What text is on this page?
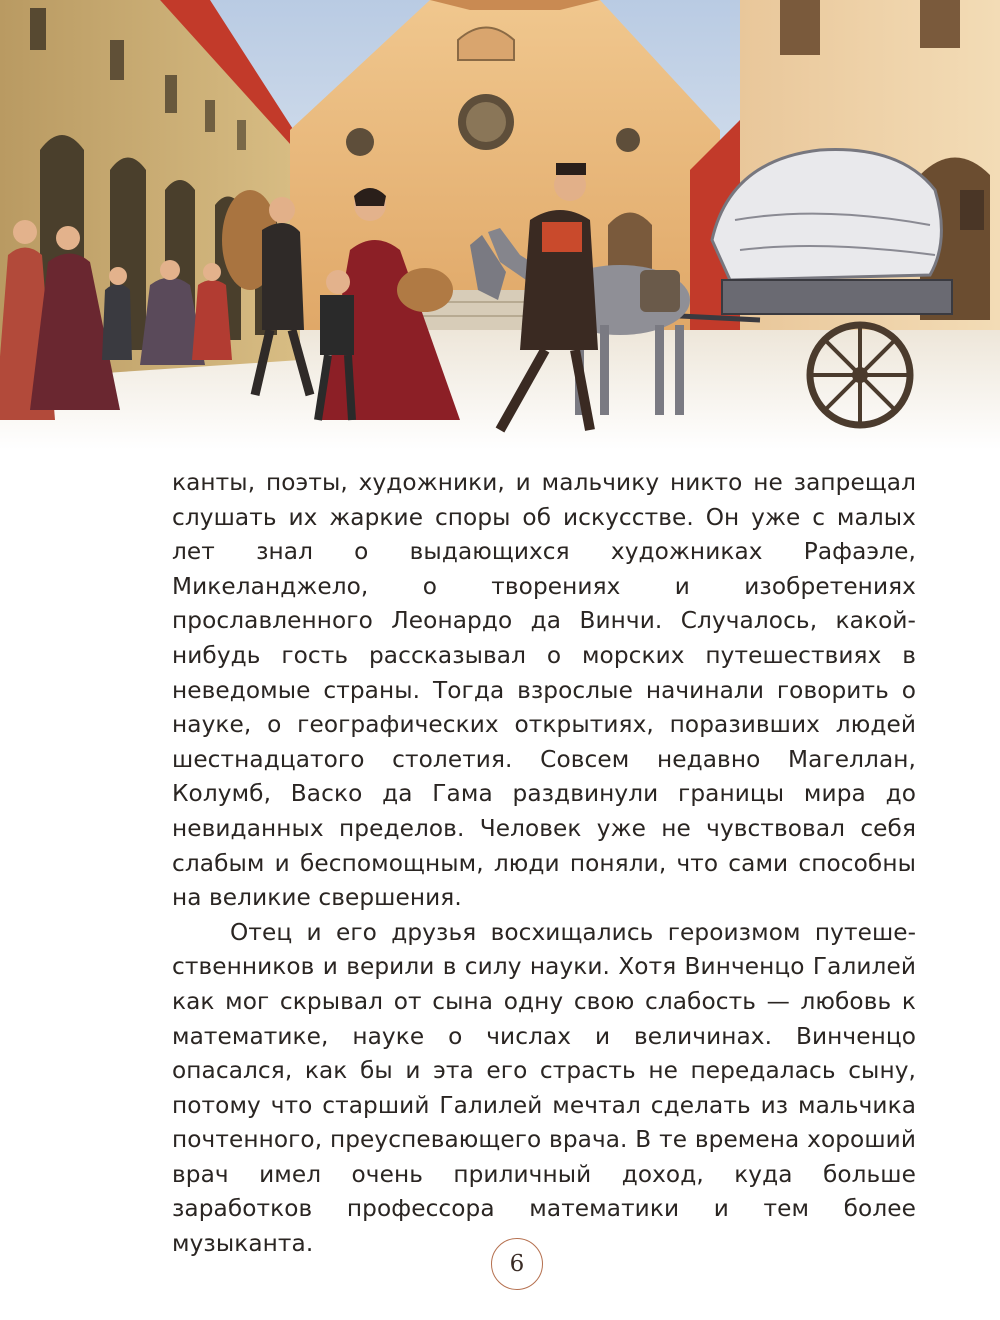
канты, поэты, художники, и мальчику никто не запрещал слушать их жаркие споры об искусстве. Он уже с малых лет знал о выдающихся художниках Рафаэле, Микеланджело, о творениях и изобретениях прославленного Леонардо да Винчи. Случалось, какой-нибудь гость рассказывал о морских путешествиях в неведомые страны. Тогда взрослые начинали говорить о науке, о географических открытиях, поразивших людей шестнадцатого столетия. Совсем недавно Магеллан, Колумб, Васко да Гама раздвинули границы мира до невиданных пределов. Человек уже не чувствовал себя слабым и беспомощным, люди поняли, что сами способны на великие свершения.

Отец и его друзья восхищались героизмом путешественников и верили в силу науки. Хотя Винченцо Галилей как мог скрывал от сына одну свою слабость — любовь к математике, науке о числах и величинах. Винченцо опасался, как бы и эта его страсть не передалась сыну, потому что старший Галилей мечтал сделать из мальчика почтенного, преуспевающего врача. В те времена хороший врач имел очень приличный доход, куда больше заработков профессора математики и тем более музыканта.

6
